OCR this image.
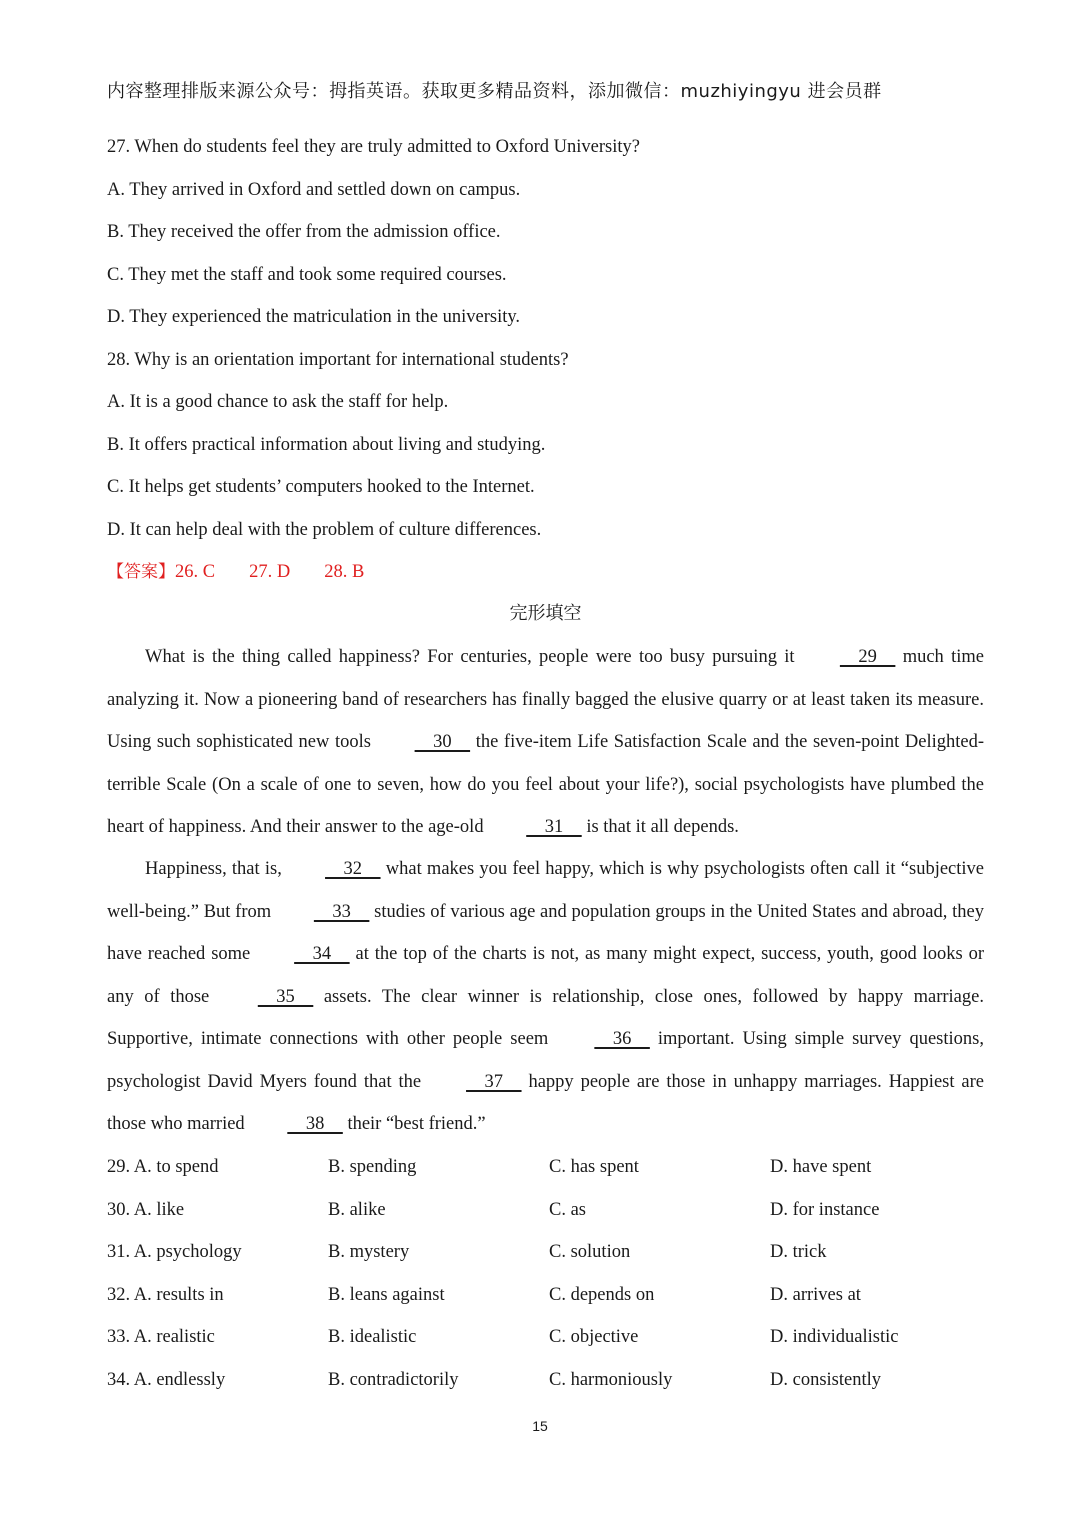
内容整理排版来源公众号：拇指英语。获取更多精品资料，添加微信：muzhiyingyu 进会员群
27. When do students feel they are truly admitted to Oxford University?
A. They arrived in Oxford and settled down on campus.
B. They received the offer from the admission office.
C. They met the staff and took some required courses.
D. They experienced the matriculation in the university.
28. Why is an orientation important for international students?
A. It is a good chance to ask the staff for help.
B. It offers practical information about living and studying.
C. It helps get students’ computers hooked to the Internet.
D. It can help deal with the problem of culture differences.
【答案】26. C 27. D 28. B
完形填空
What is the thing called happiness? For centuries, people were too busy pursuing it     29     much time analyzing it. Now a pioneering band of researchers has finally bagged the elusive quarry or at least taken its measure. Using such sophisticated new tools     30     the five-item Life Satisfaction Scale and the seven-point Delighted-terrible Scale (On a scale of one to seven, how do you feel about your life?), social psychologists have plumbed the heart of happiness. And their answer to the age-old     31     is that it all depends.
Happiness, that is,     32     what makes you feel happy, which is why psychologists often call it “subjective well-being.” But from     33     studies of various age and population groups in the United States and abroad, they have reached some     34     at the top of the charts is not, as many might expect, success, youth, good looks or any of those     35     assets. The clear winner is relationship, close ones, followed by happy marriage. Supportive, intimate connections with other people seem     36     important. Using simple survey questions, psychologist David Myers found that the     37     happy people are those in unhappy marriages. Happiest are those who married     38     their “best friend.”
29. A. to spend	B. spending	C. has spent	D. have spent
30. A. like	B. alike	C. as	D. for instance
31. A. psychology	B. mystery	C. solution	D. trick
32. A. results in	B. leans against	C. depends on	D. arrives at
33. A. realistic	B. idealistic	C. objective	D. individualistic
34. A. endlessly	B. contradictorily	C. harmoniously	D. consistently
15
